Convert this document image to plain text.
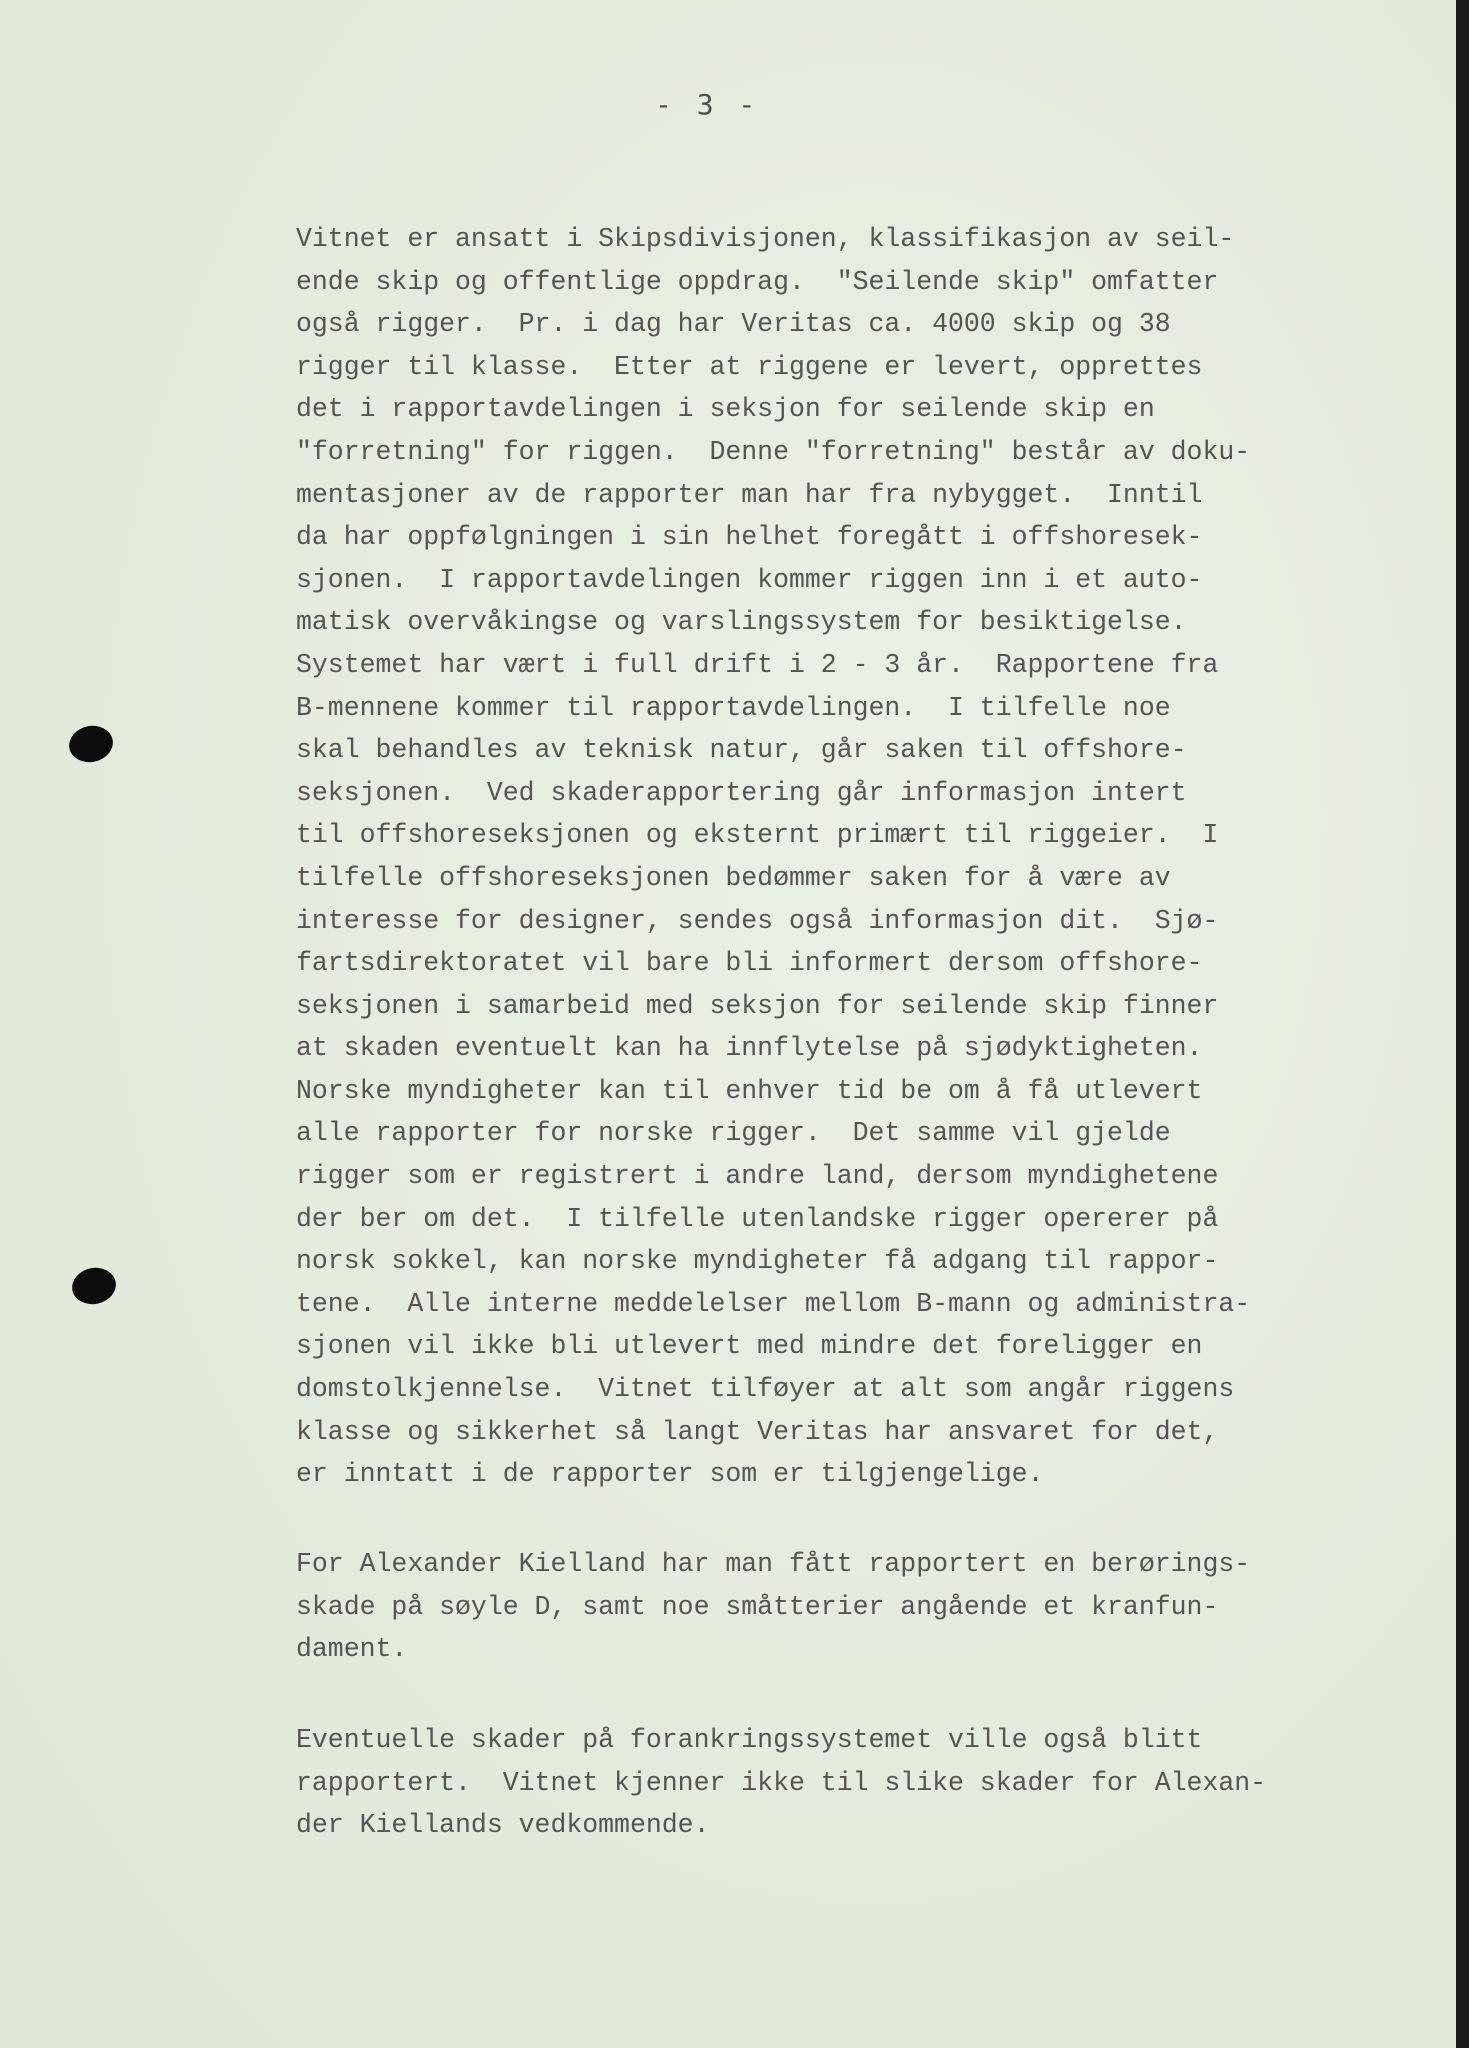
- 3 -
Vitnet er ansatt i Skipsdivisjonen, klassifikasjon av seil-
ende skip og offentlige oppdrag.  "Seilende skip" omfatter
også rigger.  Pr. i dag har Veritas ca. 4000 skip og 38
rigger til klasse.  Etter at riggene er levert, opprettes
det i rapportavdelingen i seksjon for seilende skip en
"forretning" for riggen.  Denne "forretning" består av doku-
mentasjoner av de rapporter man har fra nybygget.  Inntil
da har oppfølgningen i sin helhet foregått i offshoresek-
sjonen.  I rapportavdelingen kommer riggen inn i et auto-
matisk overvåkingse og varslingssystem for besiktigelse.
Systemet har vært i full drift i 2 - 3 år.  Rapportene fra
B-mennene kommer til rapportavdelingen.  I tilfelle noe
skal behandles av teknisk natur, går saken til offshore-
seksjonen.  Ved skaderapportering går informasjon intert
til offshoreseksjonen og eksternt primært til riggeier.  I
tilfelle offshoreseksjonen bedømmer saken for å være av
interesse for designer, sendes også informasjon dit.  Sjø-
fartsdirektoratet vil bare bli informert dersom offshore-
seksjonen i samarbeid med seksjon for seilende skip finner
at skaden eventuelt kan ha innflytelse på sjødyktigheten.
Norske myndigheter kan til enhver tid be om å få utlevert
alle rapporter for norske rigger.  Det samme vil gjelde
rigger som er registrert i andre land, dersom myndighetene
der ber om det.  I tilfelle utenlandske rigger opererer på
norsk sokkel, kan norske myndigheter få adgang til rappor-
tene.  Alle interne meddelelser mellom B-mann og administra-
sjonen vil ikke bli utlevert med mindre det foreligger en
domstolkjennelse.  Vitnet tilføyer at alt som angår riggens
klasse og sikkerhet så langt Veritas har ansvaret for det,
er inntatt i de rapporter som er tilgjengelige.
For Alexander Kielland har man fått rapportert en berørings-
skade på søyle D, samt noe småtterier angående et kranfun-
dament.
Eventuelle skader på forankringssystemet ville også blitt
rapportert.  Vitnet kjenner ikke til slike skader for Alexan-
der Kiellands vedkommende.
